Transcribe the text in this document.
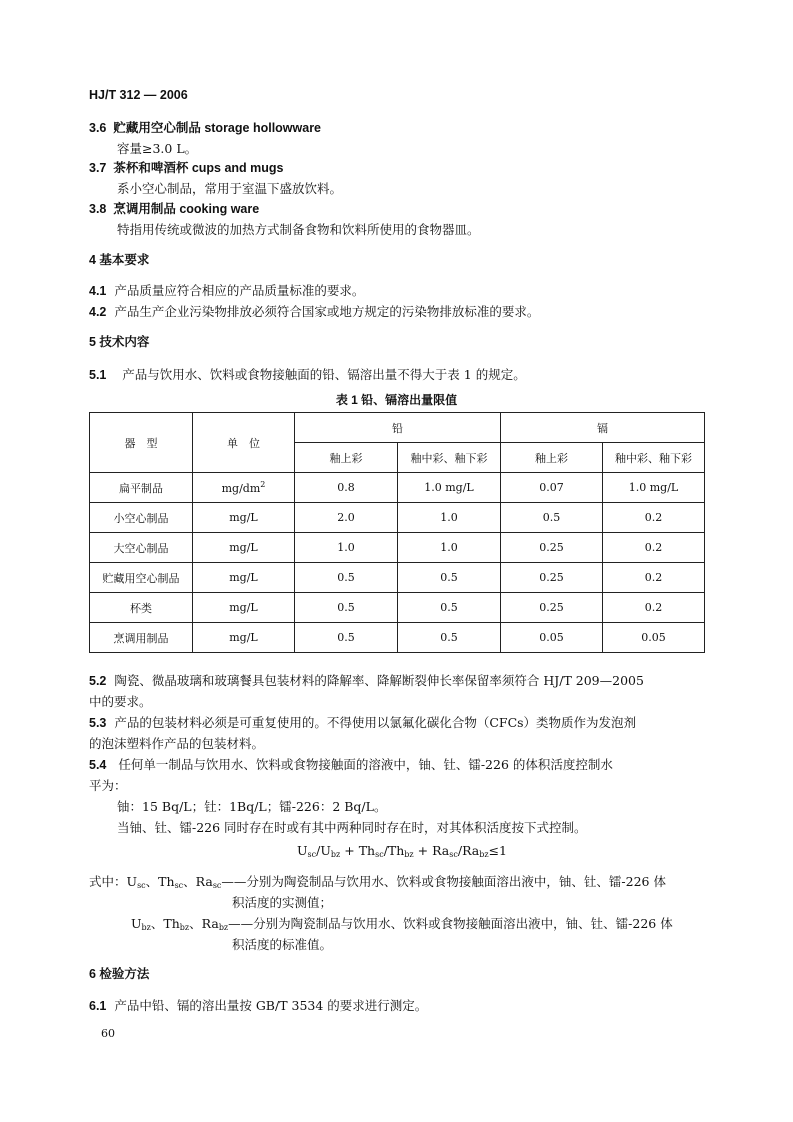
HJ/T 312 — 2006
3.6 贮藏用空心制品 storage hollowware
容量≥3.0 L。
3.7 茶杯和啤酒杯 cups and mugs
系小空心制品，常用于室温下盛放饮料。
3.8 烹调用制品 cooking ware
特指用传统或微波的加热方式制备食物和饮料所使用的食物器皿。
4 基本要求
4.1 产品质量应符合相应的产品质量标准的要求。
4.2 产品生产企业污染物排放必须符合国家或地方规定的污染物排放标准的要求。
5 技术内容
5.1 产品与饮用水、饮料或食物接触面的铅、镉溶出量不得大于表 1 的规定。
表 1 铅、镉溶出量限值
器　型	单　位	铅		镉	
		釉上彩	釉中彩、釉下彩	釉上彩	釉中彩、釉下彩
扁平制品	$mg/dm^2$	0.8	1.0 mg/L	0.07	1.0 mg/L
小空心制品	mg/L	2.0	1.0	0.5	0.2
大空心制品	mg/L	1.0	1.0	0.25	0.2
贮藏用空心制品	mg/L	0.5	0.5	0.25	0.2
杯类	mg/L	0.5	0.5	0.25	0.2
烹调用制品	mg/L	0.5	0.5	0.05	0.05
5.2 陶瓷、微晶玻璃和玻璃餐具包装材料的降解率、降解断裂伸长率保留率须符合 HJ/T 209—2005
中的要求。
5.3 产品的包装材料必须是可重复使用的。不得使用以氯氟化碳化合物（CFCs）类物质作为发泡剂
的泡沫塑料作产品的包装材料。
5.4 任何单一制品与饮用水、饮料或食物接触面的溶液中，铀、钍、镭-226 的体积活度控制水
平为：
铀：15 Bq/L；钍：1Bq/L；镭-226：2 Bq/L。
当铀、钍、镭-226 同时存在时或有其中两种同时存在时，对其体积活度按下式控制。
$U_{sc}/U_{bz} + Th_{sc}/Th_{bz} + Ra_{sc}/Ra_{bz}\le 1$
式中：$U_{sc}$、$Th_{sc}$、$Ra_{sc}——$分别为陶瓷制品与饮用水、饮料或食物接触面溶出液中，铀、钍、镭-226 体
积活度的实测值；
$U_{bz}$、$Th_{bz}$、$Ra_{bz}——$分别为陶瓷制品与饮用水、饮料或食物接触面溶出液中，铀、钍、镭-226 体
积活度的标准值。
6 检验方法
6.1 产品中铅、镉的溶出量按 GB/T 3534 的要求进行测定。
60
